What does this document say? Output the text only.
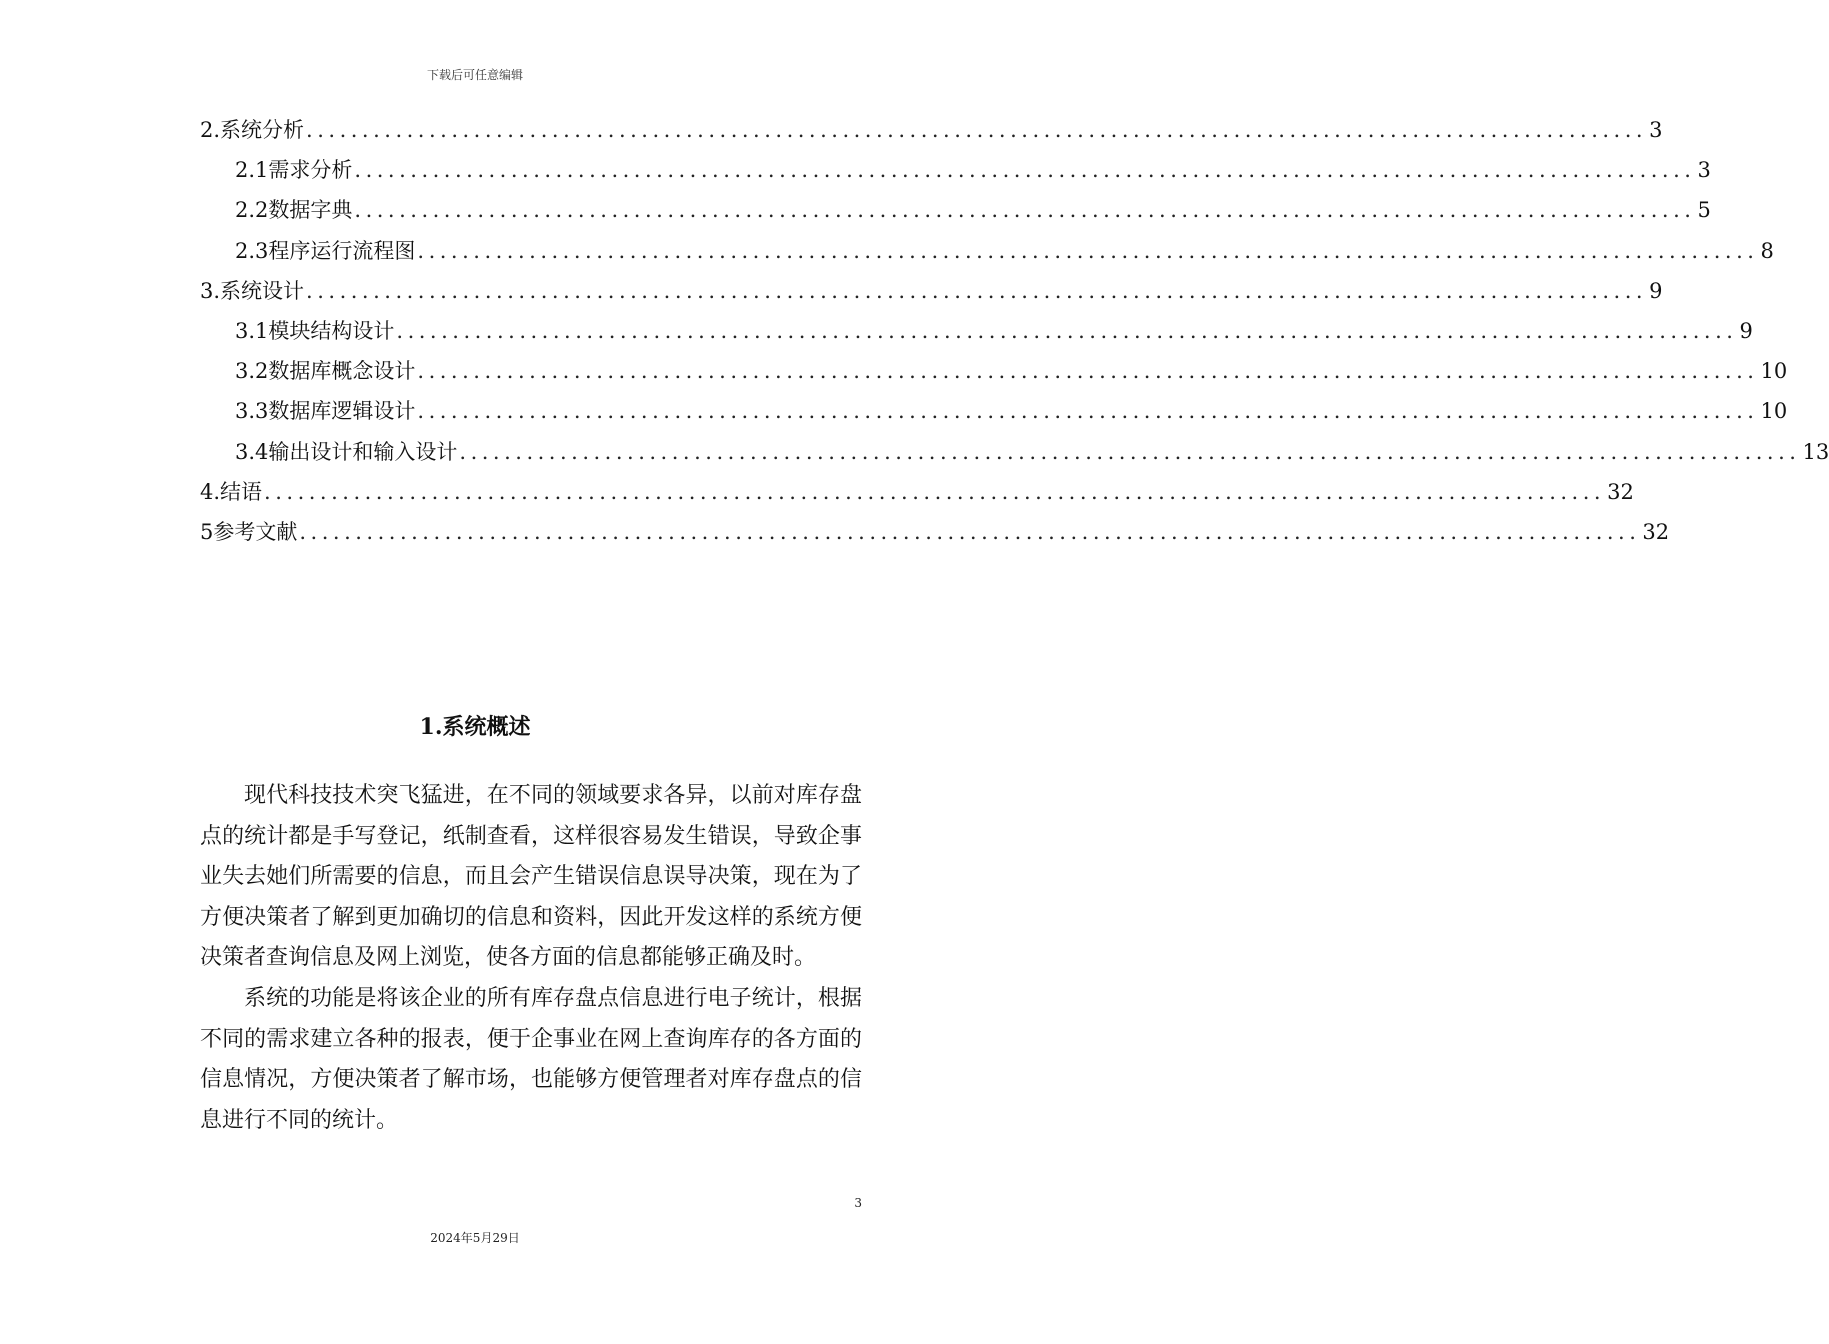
下载后可任意编辑
2.系统分析 ........................................................................................................................ 3
2.1需求分析 ........................................................................................................................ 3
2.2数据字典 ........................................................................................................................ 5
2.3程序运行流程图 ........................................................................................................................ 8
3.系统设计 ........................................................................................................................ 9
3.1模块结构设计 ........................................................................................................................ 9
3.2数据库概念设计 ........................................................................................................................ 10
3.3数据库逻辑设计 ........................................................................................................................ 10
3.4输出设计和输入设计 ........................................................................................................................ 13
4.结语 ........................................................................................................................ 32
5参考文献 ........................................................................................................................ 32
1.系统概述

现代科技技术突飞猛进，在不同的领域要求各异，以前对库存盘点的统计都是手写登记，纸制查看，这样很容易发生错误，导致企事业失去她们所需要的信息，而且会产生错误信息误导决策，现在为了方便决策者了解到更加确切的信息和资料，因此开发这样的系统方便决策者查询信息及网上浏览，使各方面的信息都能够正确及时。

系统的功能是将该企业的所有库存盘点信息进行电子统计，根据不同的需求建立各种的报表，便于企事业在网上查询库存的各方面的信息情况，方便决策者了解市场，也能够方便管理者对库存盘点的信息进行不同的统计。

3
2024年5月29日
